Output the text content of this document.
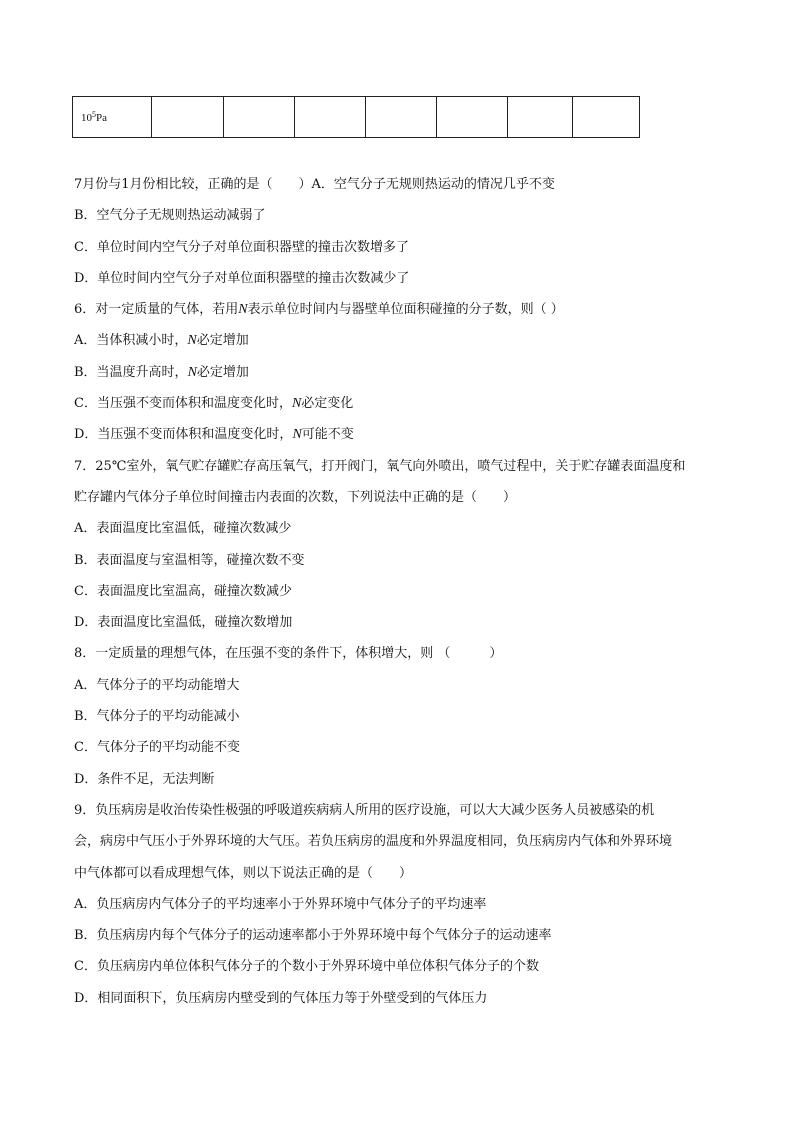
$10^5Pa$							
7月份与1月份相比较，正确的是（　　）A．空气分子无规则热运动的情况几乎不变
B．空气分子无规则热运动减弱了
C．单位时间内空气分子对单位面积器壁的撞击次数增多了
D．单位时间内空气分子对单位面积器壁的撞击次数减少了
6．对一定质量的气体，若用N表示单位时间内与器壁单位面积碰撞的分子数，则（ ）
A．当体积减小时，N必定增加
B．当温度升高时，N必定增加
C．当压强不变而体积和温度变化时，N必定变化
D．当压强不变而体积和温度变化时，N可能不变
7．25℃室外，氧气贮存罐贮存高压氧气，打开阀门，氧气向外喷出，喷气过程中，关于贮存罐表面温度和
贮存罐内气体分子单位时间撞击内表面的次数，下列说法中正确的是（　　）
A．表面温度比室温低，碰撞次数减少
B．表面温度与室温相等，碰撞次数不变
C．表面温度比室温高，碰撞次数减少
D．表面温度比室温低，碰撞次数增加
8．一定质量的理想气体，在压强不变的条件下，体积增大，则 （　　　）
A．气体分子的平均动能增大
B．气体分子的平均动能减小
C．气体分子的平均动能不变
D．条件不足，无法判断
9．负压病房是收治传染性极强的呼吸道疾病病人所用的医疗设施，可以大大减少医务人员被感染的机
会，病房中气压小于外界环境的大气压。若负压病房的温度和外界温度相同，负压病房内气体和外界环境
中气体都可以看成理想气体，则以下说法正确的是（　　）
A．负压病房内气体分子的平均速率小于外界环境中气体分子的平均速率
B．负压病房内每个气体分子的运动速率都小于外界环境中每个气体分子的运动速率
C．负压病房内单位体积气体分子的个数小于外界环境中单位体积气体分子的个数
D．相同面积下，负压病房内壁受到的气体压力等于外壁受到的气体压力
